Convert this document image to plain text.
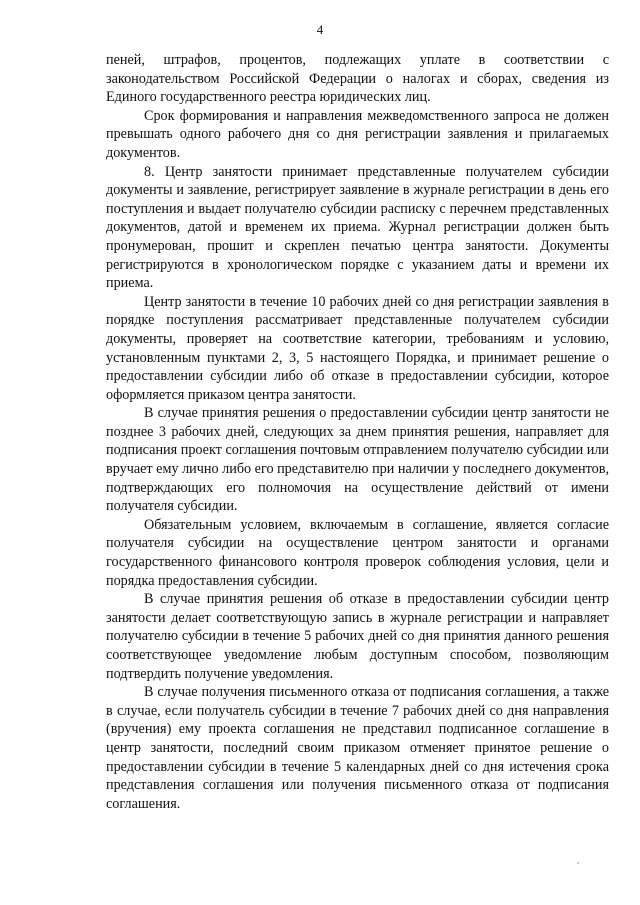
4

пеней, штрафов, процентов, подлежащих уплате в соответствии с законодательством Российской Федерации о налогах и сборах, сведения из Единого государственного реестра юридических лиц.

Срок формирования и направления межведомственного запроса не должен превышать одного рабочего дня со дня регистрации заявления и прилагаемых документов.

8. Центр занятости принимает представленные получателем субсидии документы и заявление, регистрирует заявление в журнале регистрации в день его поступления и выдает получателю субсидии расписку с перечнем представленных документов, датой и временем их приема. Журнал регистрации должен быть пронумерован, прошит и скреплен печатью центра занятости. Документы регистрируются в хронологическом порядке с указанием даты и времени их приема.

Центр занятости в течение 10 рабочих дней со дня регистрации заявления в порядке поступления рассматривает представленные получателем субсидии документы, проверяет на соответствие категории, требованиям и условию, установленным пунктами 2, 3, 5 настоящего Порядка, и принимает решение о предоставлении субсидии либо об отказе в предоставлении субсидии, которое оформляется приказом центра занятости.

В случае принятия решения о предоставлении субсидии центр занятости не позднее 3 рабочих дней, следующих за днем принятия решения, направляет для подписания проект соглашения почтовым отправлением получателю субсидии или вручает ему лично либо его представителю при наличии у последнего документов, подтверждающих его полномочия на осуществление действий от имени получателя субсидии.

Обязательным условием, включаемым в соглашение, является согласие получателя субсидии на осуществление центром занятости и органами государственного финансового контроля проверок соблюдения условия, цели и порядка предоставления субсидии.

В случае принятия решения об отказе в предоставлении субсидии центр занятости делает соответствующую запись в журнале регистрации и направляет получателю субсидии в течение 5 рабочих дней со дня принятия данного решения соответствующее уведомление любым доступным способом, позволяющим подтвердить получение уведомления.

В случае получения письменного отказа от подписания соглашения, а также в случае, если получатель субсидии в течение 7 рабочих дней со дня направления (вручения) ему проекта соглашения не представил подписанное соглашение в центр занятости, последний своим приказом отменяет принятое решение о предоставлении субсидии в течение 5 календарных дней со дня истечения срока представления соглашения или получения письменного отказа от подписания соглашения.
